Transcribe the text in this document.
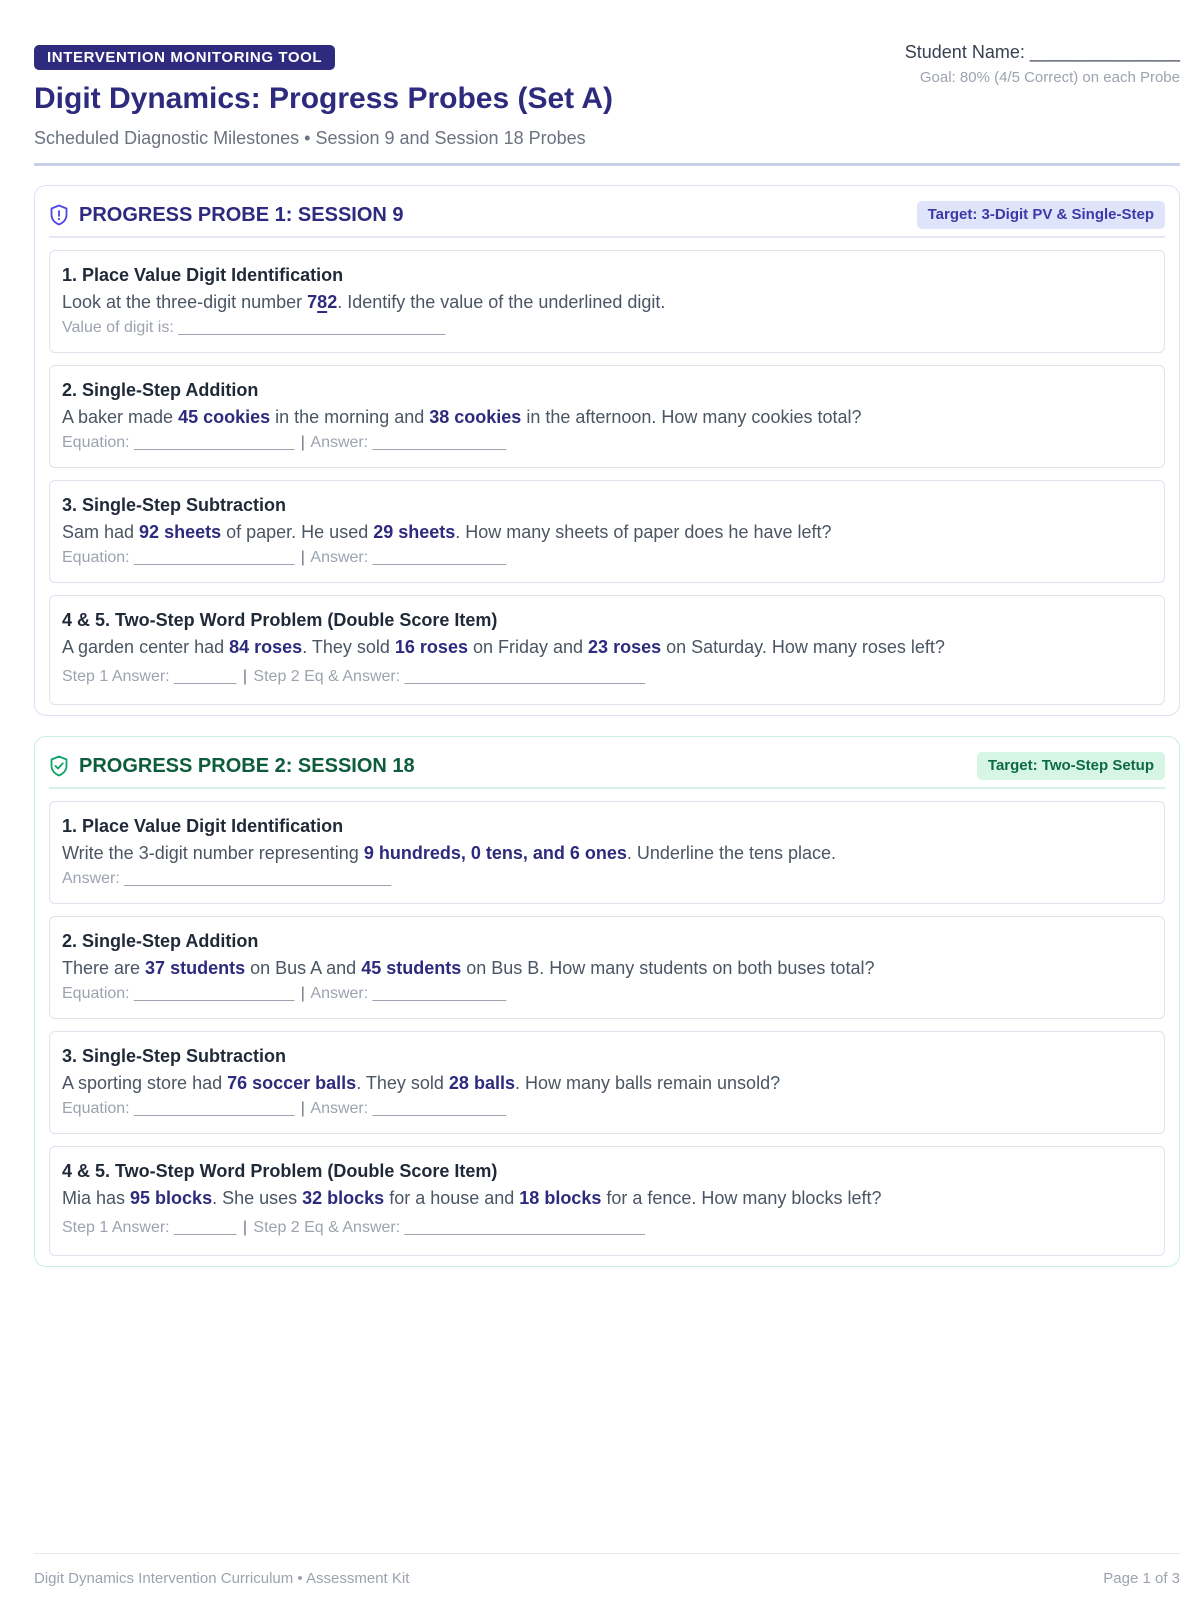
INTERVENTION MONITORING TOOL
Digit Dynamics: Progress Probes (Set A)
Scheduled Diagnostic Milestones • Session 9 and Session 18 Probes
Student Name: _______________
Goal: 80% (4/5 Correct) on each Probe
PROGRESS PROBE 1: SESSION 9	Target: 3-Digit PV & Single-Step
1. Place Value Digit Identification
Look at the three-digit number 782. Identify the value of the underlined digit.
Value of digit is: ______________________________
2. Single-Step Addition
A baker made 45 cookies in the morning and 38 cookies in the afternoon. How many cookies total?
Equation: __________________ | Answer: _______________
3. Single-Step Subtraction
Sam had 92 sheets of paper. He used 29 sheets. How many sheets of paper does he have left?
Equation: __________________ | Answer: _______________
4 & 5. Two-Step Word Problem (Double Score Item)
A garden center had 84 roses. They sold 16 roses on Friday and 23 roses on Saturday. How many roses left?
Step 1 Answer: _______ | Step 2 Eq & Answer: ___________________________
PROGRESS PROBE 2: SESSION 18	Target: Two-Step Setup
1. Place Value Digit Identification
Write the 3-digit number representing 9 hundreds, 0 tens, and 6 ones. Underline the tens place.
Answer: ______________________________
2. Single-Step Addition
There are 37 students on Bus A and 45 students on Bus B. How many students on both buses total?
Equation: __________________ | Answer: _______________
3. Single-Step Subtraction
A sporting store had 76 soccer balls. They sold 28 balls. How many balls remain unsold?
Equation: __________________ | Answer: _______________
4 & 5. Two-Step Word Problem (Double Score Item)
Mia has 95 blocks. She uses 32 blocks for a house and 18 blocks for a fence. How many blocks left?
Step 1 Answer: _______ | Step 2 Eq & Answer: ___________________________
Digit Dynamics Intervention Curriculum • Assessment Kit	Page 1 of 3
